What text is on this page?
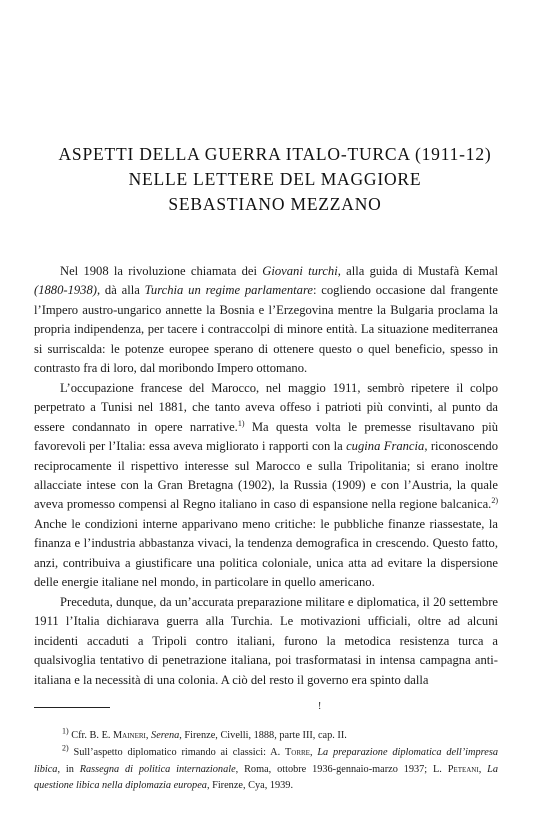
ASPETTI DELLA GUERRA ITALO-TURCA (1911-12)
NELLE LETTERE DEL MAGGIORE
SEBASTIANO MEZZANO

Nel 1908 la rivoluzione chiamata dei Giovani turchi, alla guida di Mustafà Kemal (1880-1938), dà alla Turchia un regime parlamentare: cogliendo occasione dal frangente l’Impero austro-ungarico annette la Bosnia e l’Erzegovina mentre la Bulgaria proclama la propria indipendenza, per tacere i contraccolpi di minore entità. La situazione mediterranea si surriscalda: le potenze europee sperano di ottenere questo o quel beneficio, spesso in contrasto fra di loro, dal moribondo Impero ottomano.

L’occupazione francese del Marocco, nel maggio 1911, sembrò ripetere il colpo perpetrato a Tunisi nel 1881, che tanto aveva offeso i patrioti più convinti, al punto da essere condannato in opere narrative.$^{1)}$ Ma questa volta le premesse risultavano più favorevoli per l’Italia: essa aveva migliorato i rapporti con la cugina Francia, riconoscendo reciprocamente il rispettivo interesse sul Marocco e sulla Tripolitania; si erano inoltre allacciate intese con la Gran Bretagna (1902), la Russia (1909) e con l’Austria, la quale aveva promesso compensi al Regno italiano in caso di espansione nella regione balcanica.$^{2)}$ Anche le condizioni interne apparivano meno critiche: le pubbliche finanze riassestate, la finanza e l’industria abbastanza vivaci, la tendenza demografica in crescendo. Questo fatto, anzi, contribuiva a giustificare una politica coloniale, unica atta ad evitare la dispersione delle energie italiane nel mondo, in particolare in quello americano.

Preceduta, dunque, da un’accurata preparazione militare e diplomatica, il 20 settembre 1911 l’Italia dichiarava guerra alla Turchia. Le motivazioni ufficiali, oltre ad alcuni incidenti accaduti a Tripoli contro italiani, furono la metodica resistenza turca a qualsivoglia tentativo di penetrazione italiana, poi trasformatasi in intensa campagna anti-italiana e la necessità di una colonia. A ciò del resto il governo era spinto dalla

!

$^{1)}$ Cfr. B. E. Maineri, Serena, Firenze, Civelli, 1888, parte III, cap. II.

$^{2)}$ Sull’aspetto diplomatico rimando ai classici: A. Torre, La preparazione diplomatica dell’impresa libica, in Rassegna di politica internazionale, Roma, ottobre 1936-gennaio-marzo 1937; L. Peteani, La questione libica nella diplomazia europea, Firenze, Cya, 1939.
